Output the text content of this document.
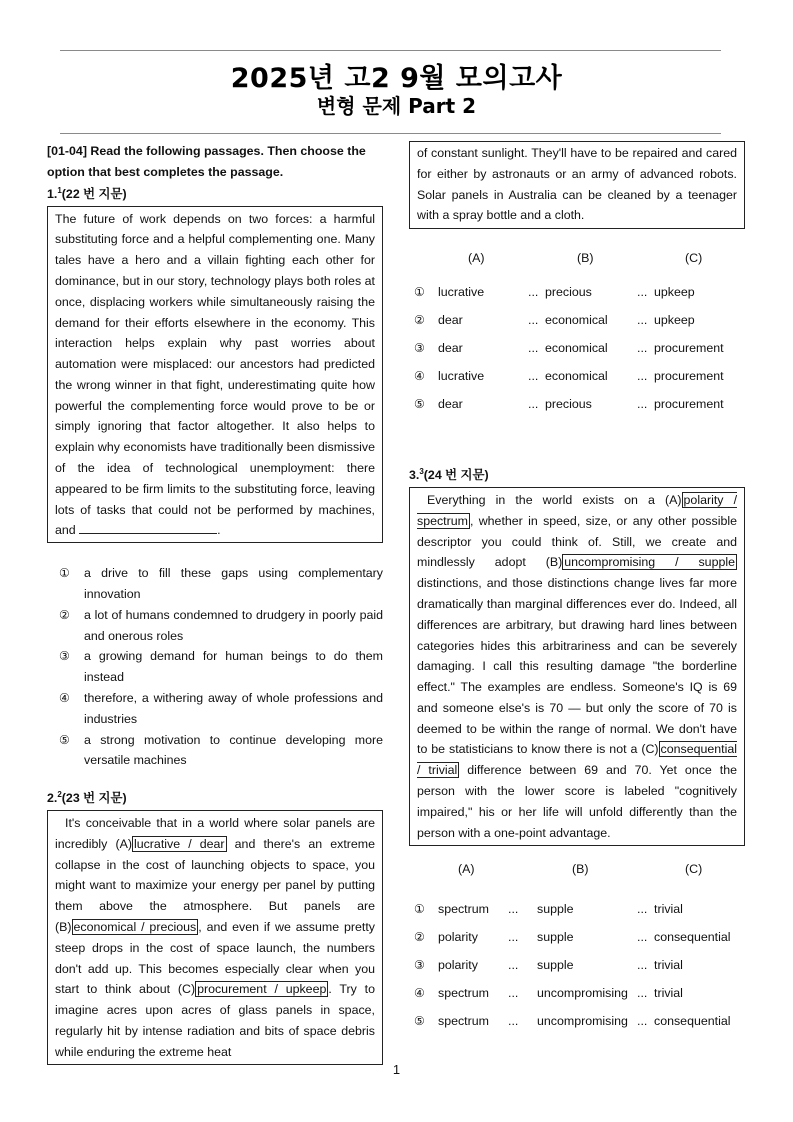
2025년 고2 9월 모의고사
변형 문제 Part 2
[01-04] Read the following passages. Then choose the
option that best completes the passage.
1.$^1$(22 번 지문)
The future of work depends on two forces: a harmful substituting force and a helpful complementing one. Many tales have a hero and a villain fighting each other for dominance, but in our story, technology plays both roles at once, displacing workers while simultaneously raising the demand for their efforts elsewhere in the economy. This interaction helps explain why past worries about automation were misplaced: our ancestors had predicted the wrong winner in that fight, underestimating quite how powerful the complementing force would prove to be or simply ignoring that factor altogether. It also helps to explain why economists have traditionally been dismissive of the idea of technological unemployment: there appeared to be firm limits to the substituting force, leaving lots of tasks that could not be performed by machines, and	.
① a drive to fill these gaps using complementary innovation
② a lot of humans condemned to drudgery in poorly paid and onerous roles
③ a growing demand for human beings to do them instead
④ therefore, a withering away of whole professions and industries
⑤ a strong motivation to continue developing more versatile machines
2.$^2$(23 번 지문)
It's conceivable that in a world where solar panels are incredibly (A) lucrative / dear and there's an extreme collapse in the cost of launching objects to space, you might want to maximize your energy per panel by putting them above the atmosphere. But panels are (B) economical / precious , and even if we assume pretty steep drops in the cost of space launch, the numbers don't add up. This becomes especially clear when you start to think about (C) procurement / upkeep . Try to imagine acres upon acres of glass panels in space, regularly hit by intense radiation and bits of space debris while enduring the extreme heat
of constant sunlight. They'll have to be repaired and cared for either by astronauts or an army of advanced robots. Solar panels in Australia can be cleaned by a teenager with a spray bottle and a cloth.
(A)	(B)	(C)
① lucrative	... precious	... upkeep
② dear	... economical ... upkeep
③ dear	... economical ... procurement
④ lucrative	... economical ... procurement
⑤ dear	... precious	... procurement
3.$^3$(24 번 지문)
Everything in the world exists on a (A) polarity / spectrum , whether in speed, size, or any other possible descriptor you could think of. Still, we create and mindlessly adopt (B) uncompromising / supple distinctions, and those distinctions change lives far more dramatically than marginal differences ever do. Indeed, all differences are arbitrary, but drawing hard lines between categories hides this arbitrariness and can be severely damaging. I call this resulting damage "the borderline effect." The examples are endless. Someone's IQ is 69 and someone else's is 70 — but only the score of 70 is deemed to be within the range of normal. We don't have to be statisticians to know there is not a (C) consequential / trivial difference between 69 and 70. Yet once the person with the lower score is labeled "cognitively impaired," his or her life will unfold differently than the person with a one-point advantage.
(A)	(B)	(C)
① spectrum ... supple	... trivial
② polarity ... supple	... consequential
③ polarity ... supple	... trivial
④ spectrum ... uncompromising ... trivial
⑤ spectrum ... uncompromising ... consequential
1
